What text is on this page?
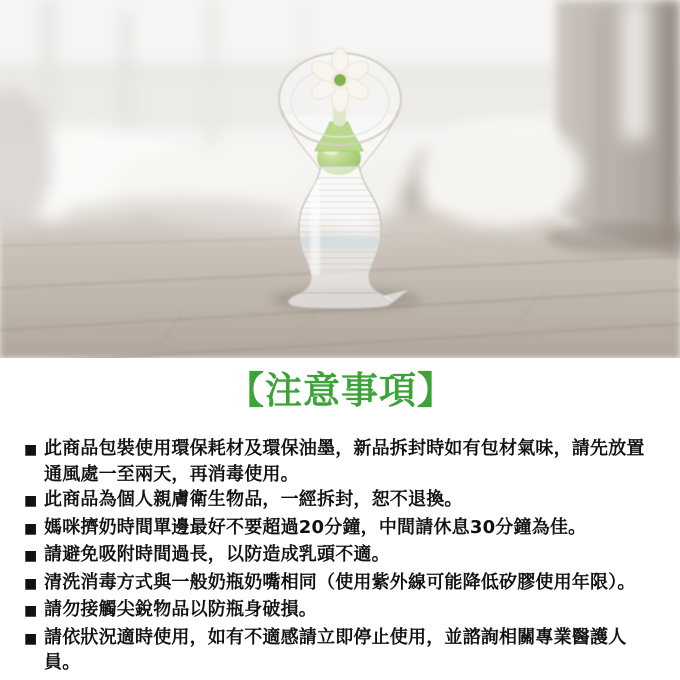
【注意事項】
■ 此商品包裝使用環保耗材及環保油墨，新品拆封時如有包材氣味，請先放置通風處一至兩天，再消毒使用。
■ 此商品為個人親膚衛生物品，一經拆封，恕不退換。
■ 媽咪擠奶時間單邊最好不要超過20分鐘，中間請休息30分鐘為佳。
■ 請避免吸附時間過長，以防造成乳頭不適。
■ 清洗消毒方式與一般奶瓶奶嘴相同（使用紫外線可能降低矽膠使用年限）。
■ 請勿接觸尖銳物品以防瓶身破損。
■ 請依狀況適時使用，如有不適感請立即停止使用，並諮詢相關專業醫護人員。
